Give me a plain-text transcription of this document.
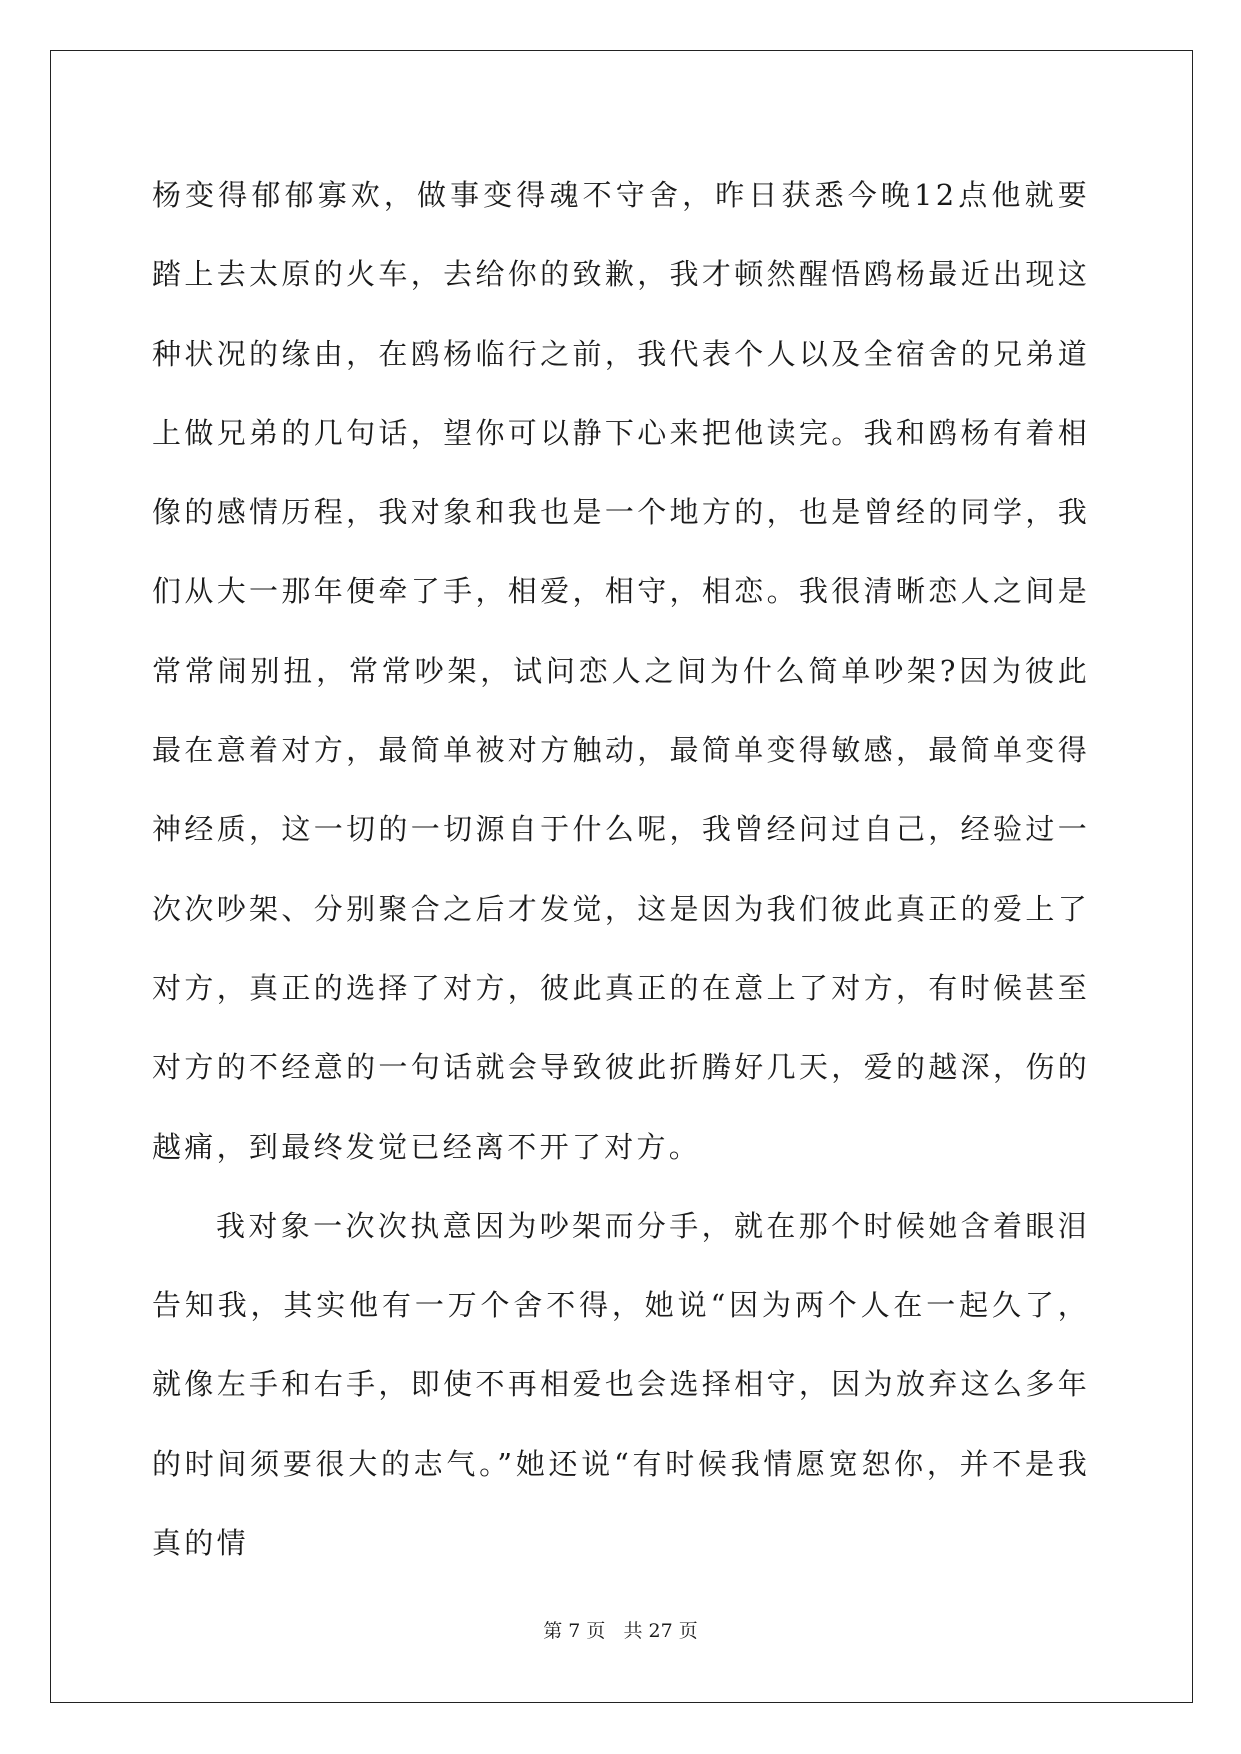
杨变得郁郁寡欢，做事变得魂不守舍，昨日获悉今晚12点他就要踏上去太原的火车，去给你的致歉，我才顿然醒悟鸥杨最近出现这种状况的缘由，在鸥杨临行之前，我代表个人以及全宿舍的兄弟道上做兄弟的几句话，望你可以静下心来把他读完。我和鸥杨有着相像的感情历程，我对象和我也是一个地方的，也是曾经的同学，我们从大一那年便牵了手，相爱，相守，相恋。我很清晰恋人之间是常常闹别扭，常常吵架，试问恋人之间为什么简单吵架?因为彼此最在意着对方，最简单被对方触动，最简单变得敏感，最简单变得神经质，这一切的一切源自于什么呢，我曾经问过自己，经验过一次次吵架、分别聚合之后才发觉，这是因为我们彼此真正的爱上了对方，真正的选择了对方，彼此真正的在意上了对方，有时候甚至对方的不经意的一句话就会导致彼此折腾好几天，爱的越深，伤的越痛，到最终发觉已经离不开了对方。

我对象一次次执意因为吵架而分手，就在那个时候她含着眼泪告知我，其实他有一万个舍不得，她说“因为两个人在一起久了，就像左手和右手，即使不再相爱也会选择相守，因为放弃这么多年的时间须要很大的志气。”她还说“有时候我情愿宽恕你，并不是我真的情

第 7 页 共 27 页
